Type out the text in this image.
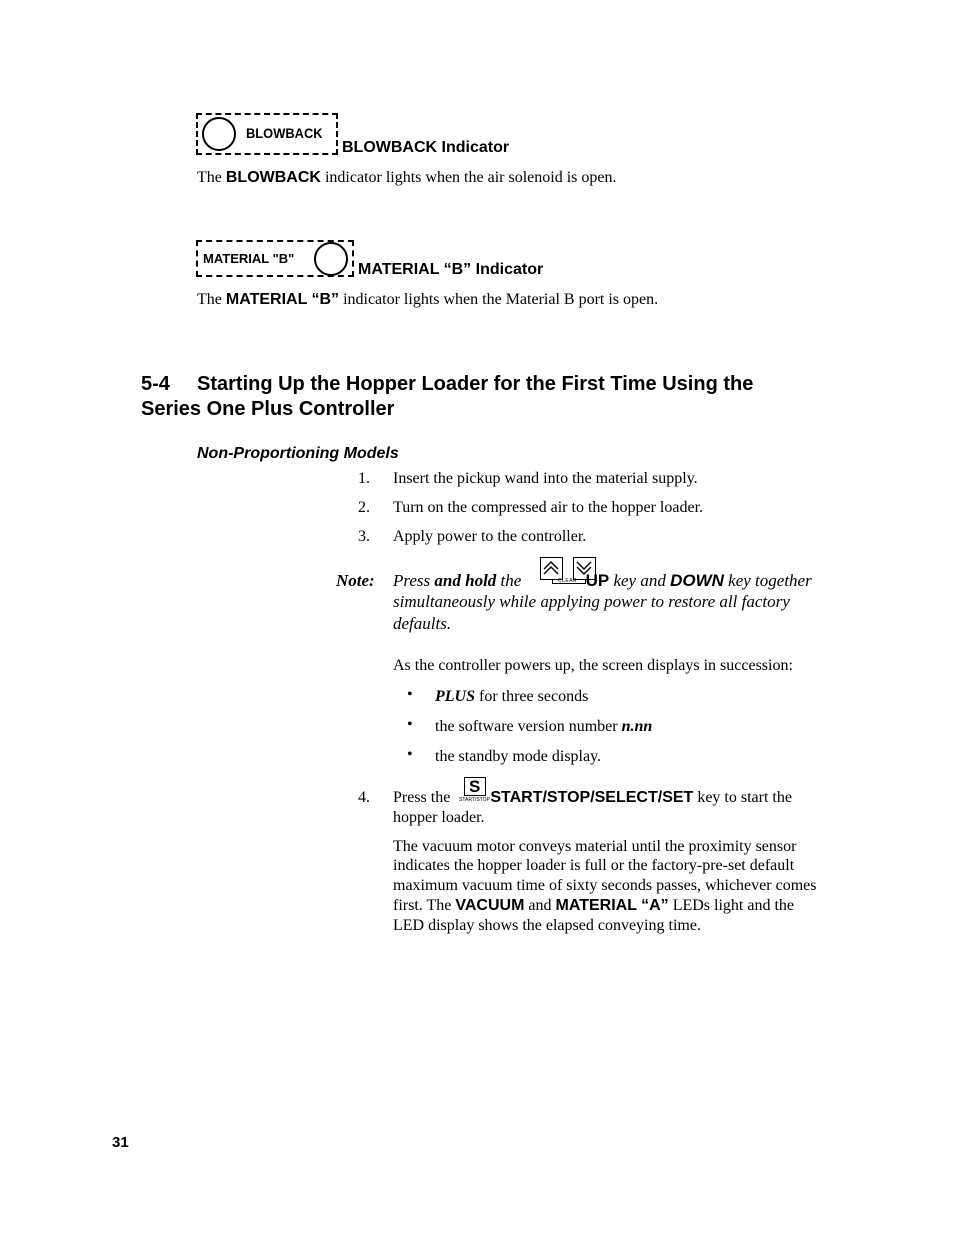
BLOWBACK
BLOWBACK Indicator
The BLOWBACK indicator lights when the air solenoid is open.
MATERIAL "B"
MATERIAL “B” Indicator
The MATERIAL “B” indicator lights when the Material B port is open.
5-4 Starting Up the Hopper Loader for the First Time Using the
Series One Plus Controller
Non-Proportioning Models
1. Insert the pickup wand into the material supply.
2. Turn on the compressed air to the hopper loader.
3. Apply power to the controller.
Note: Press and hold the	UP key and DOWN key together
CLEAR
simultaneously while applying power to restore all factory
defaults.
As the controller powers up, the screen displays in succession:
• PLUS for three seconds
• the software version number n.nn
• the standby mode display.
4. Press the START/STOP/SELECT/SET key to start the
S
START/STOP
hopper loader.
The vacuum motor conveys material until the proximity sensor
indicates the hopper loader is full or the factory-pre-set default
maximum vacuum time of sixty seconds passes, whichever comes
first. The VACUUM and MATERIAL “A” LEDs light and the
LED display shows the elapsed conveying time.
31
